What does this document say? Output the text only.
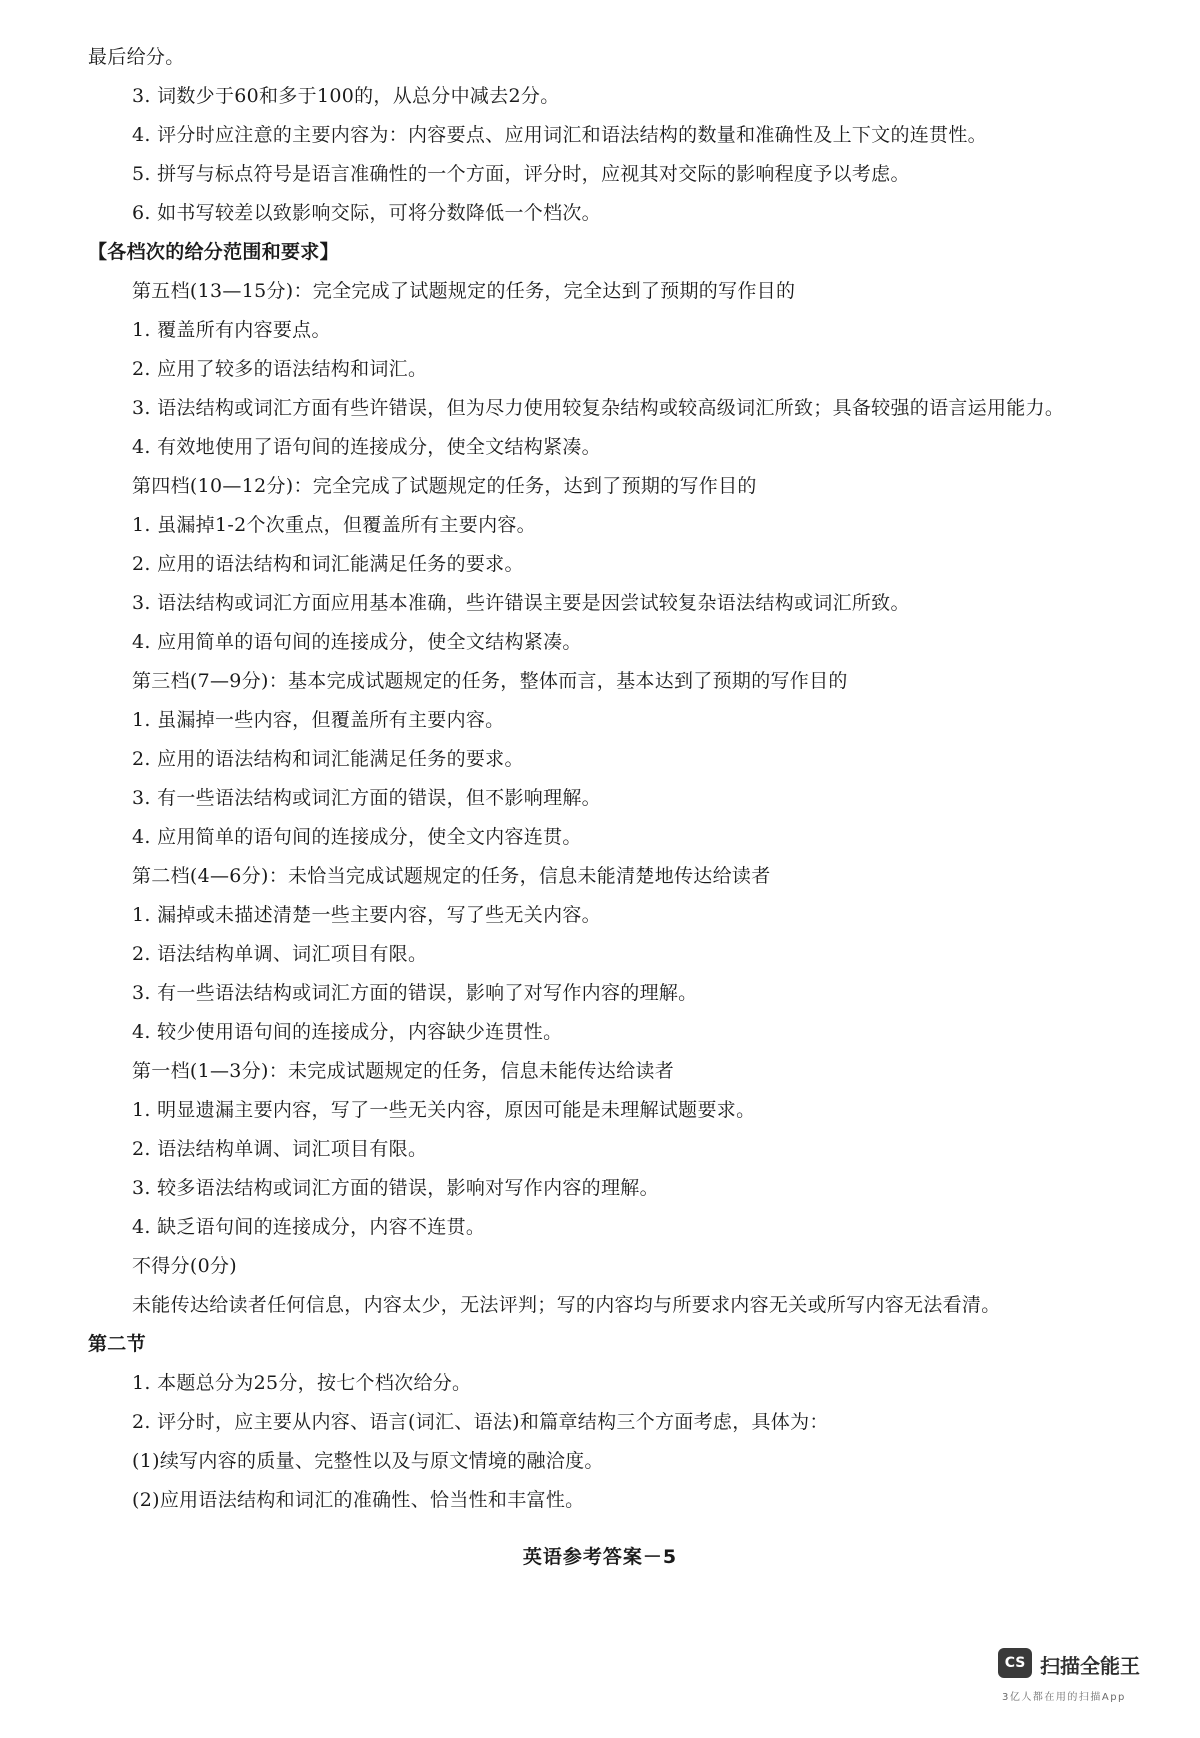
最后给分。
3. 词数少于60和多于100的，从总分中减去2分。
4. 评分时应注意的主要内容为：内容要点、应用词汇和语法结构的数量和准确性及上下文的连贯性。
5. 拼写与标点符号是语言准确性的一个方面，评分时，应视其对交际的影响程度予以考虑。
6. 如书写较差以致影响交际，可将分数降低一个档次。
【各档次的给分范围和要求】
第五档(13—15分)：完全完成了试题规定的任务，完全达到了预期的写作目的
1. 覆盖所有内容要点。
2. 应用了较多的语法结构和词汇。
3. 语法结构或词汇方面有些许错误，但为尽力使用较复杂结构或较高级词汇所致；具备较强的语言运用能力。
4. 有效地使用了语句间的连接成分，使全文结构紧凑。
第四档(10—12分)：完全完成了试题规定的任务，达到了预期的写作目的
1. 虽漏掉1-2个次重点，但覆盖所有主要内容。
2. 应用的语法结构和词汇能满足任务的要求。
3. 语法结构或词汇方面应用基本准确，些许错误主要是因尝试较复杂语法结构或词汇所致。
4. 应用简单的语句间的连接成分，使全文结构紧凑。
第三档(7—9分)：基本完成试题规定的任务，整体而言，基本达到了预期的写作目的
1. 虽漏掉一些内容，但覆盖所有主要内容。
2. 应用的语法结构和词汇能满足任务的要求。
3. 有一些语法结构或词汇方面的错误，但不影响理解。
4. 应用简单的语句间的连接成分，使全文内容连贯。
第二档(4—6分)：未恰当完成试题规定的任务，信息未能清楚地传达给读者
1. 漏掉或未描述清楚一些主要内容，写了些无关内容。
2. 语法结构单调、词汇项目有限。
3. 有一些语法结构或词汇方面的错误，影响了对写作内容的理解。
4. 较少使用语句间的连接成分，内容缺少连贯性。
第一档(1—3分)：未完成试题规定的任务，信息未能传达给读者
1. 明显遗漏主要内容，写了一些无关内容，原因可能是未理解试题要求。
2. 语法结构单调、词汇项目有限。
3. 较多语法结构或词汇方面的错误，影响对写作内容的理解。
4. 缺乏语句间的连接成分，内容不连贯。
不得分(0分)
未能传达给读者任何信息，内容太少，无法评判；写的内容均与所要求内容无关或所写内容无法看清。
第二节
1. 本题总分为25分，按七个档次给分。
2. 评分时，应主要从内容、语言(词汇、语法)和篇章结构三个方面考虑，具体为：
(1)续写内容的质量、完整性以及与原文情境的融洽度。
(2)应用语法结构和词汇的准确性、恰当性和丰富性。
英语参考答案－5
CS 扫描全能王
3亿人都在用的扫描App
